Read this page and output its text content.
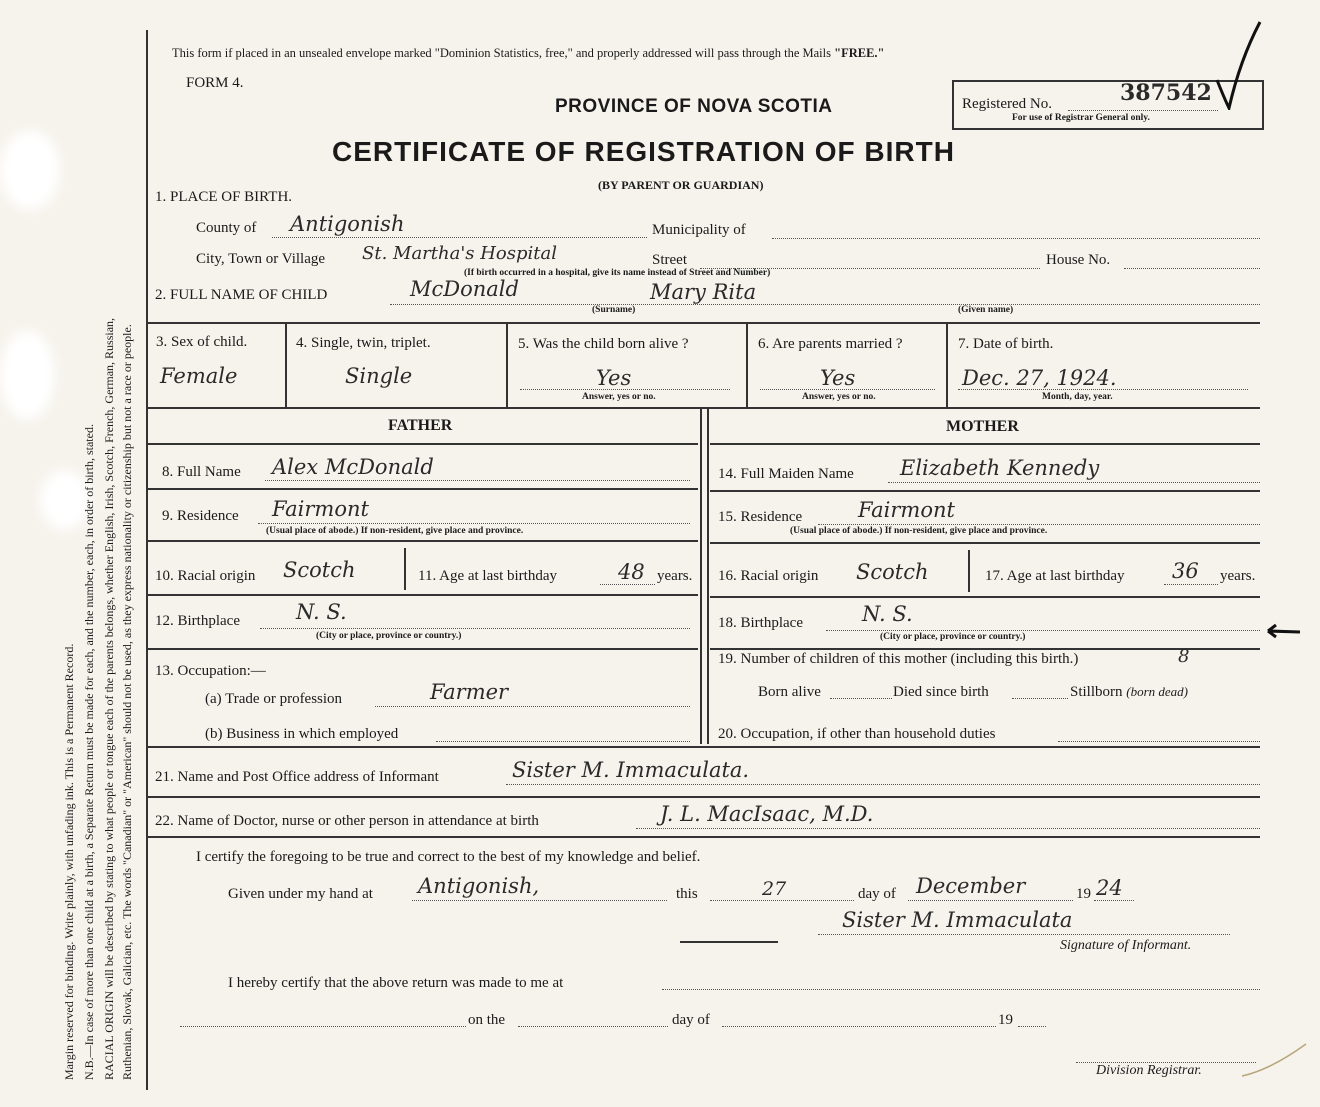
Margin reserved for binding. Write plainly, with unfading ink. This is a Permanent Record. N.B.—In case of more than one child at a birth, a Separate Return must be made for each, and the number, each, in order of birth, stated. RACIAL ORIGIN will be described by stating to what people or tongue each of the parents belongs, whether English, Irish, Scotch, French, German, Russian, Ruthenian, Slovak, Galician, etc. The words "Canadian" or "American" should not be used, as they express nationality or citizenship but not a race or people.
This form if placed in an unsealed envelope marked "Dominion Statistics, free," and properly addressed will pass through the Mails "FREE."
FORM 4.
PROVINCE OF NOVA SCOTIA	Registered No.	387542
For use of Registrar General only.
CERTIFICATE OF REGISTRATION OF BIRTH
(BY PARENT OR GUARDIAN)
1. PLACE OF BIRTH.
County of Antigonish	Municipality of
City, Town or Village St. Martha's Hospital	Street	House No.
(If birth occurred in a hospital, give its name instead of Street and Number)
2. FULL NAME OF CHILD	McDonald	Mary Rita
(Surname)	(Given name)
3. Sex of child.
Female
4. Single, twin, triplet.
Single
5. Was the child born alive ?
Yes
Answer, yes or no.
6. Are parents married ?
Yes
Answer, yes or no.
7. Date of birth.
Dec. 27, 1924.
Month, day, year.
FATHER	MOTHER
8. Full Name Alex McDonald
9. Residence Fairmont
(Usual place of abode.) If non-resident, give place and province.
10. Racial origin Scotch	11. Age at last birthday	48 years.
12. Birthplace	N. S.
(City or place, province or country.)
13. Occupation:—
(a) Trade or profession	Farmer
(b) Business in which employed
14. Full Maiden Name Elizabeth Kennedy
15. Residence	Fairmont
(Usual place of abode.) If non-resident, give place and province.
16. Racial origin Scotch	17. Age at last birthday 36 years.
18. Birthplace	N. S.
(City or place, province or country.)
19. Number of children of this mother (including this birth.)	8
Born alive	Died since birth	Stillborn (born dead)
20. Occupation, if other than household duties
21. Name and Post Office address of Informant	Sister M. Immaculata.
22. Name of Doctor, nurse or other person in attendance at birth	J. L. MacIsaac, M.D.
I certify the foregoing to be true and correct to the best of my knowledge and belief.
Given under my hand at Antigonish,	this	27	day of December	19 24
Sister M. Immaculata
Signature of Informant.
I hereby certify that the above return was made to me at
on the	day of	19
Division Registrar.
